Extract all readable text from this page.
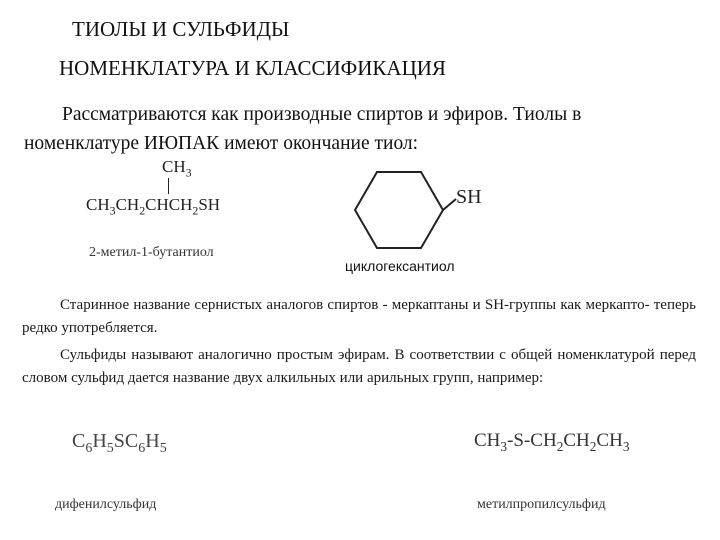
ТИОЛЫ И СУЛЬФИДЫ
НОМЕНКЛАТУРА И КЛАССИФИКАЦИЯ
Рассматриваются как производные спиртов и эфиров. Тиолы в номенклатуре ИЮПАК имеют окончание тиол:
$CH_3$
$CH_3CH_2CHCH_2SH$
2-метил-1-бутантиол
SH
циклогексантиол
Старинное название сернистых аналогов спиртов - меркаптаны и SH-группы как меркапто- теперь редко употребляется.
Сульфиды называют аналогично простым эфирам. В соответствии с общей номенклатурой перед словом сульфид дается название двух алкильных или арильных групп, например:
$C_6H_5SC_6H_5$
дифенилсульфид
$CH_3-S-CH_2CH_2CH_3$
метилпропилсульфид
